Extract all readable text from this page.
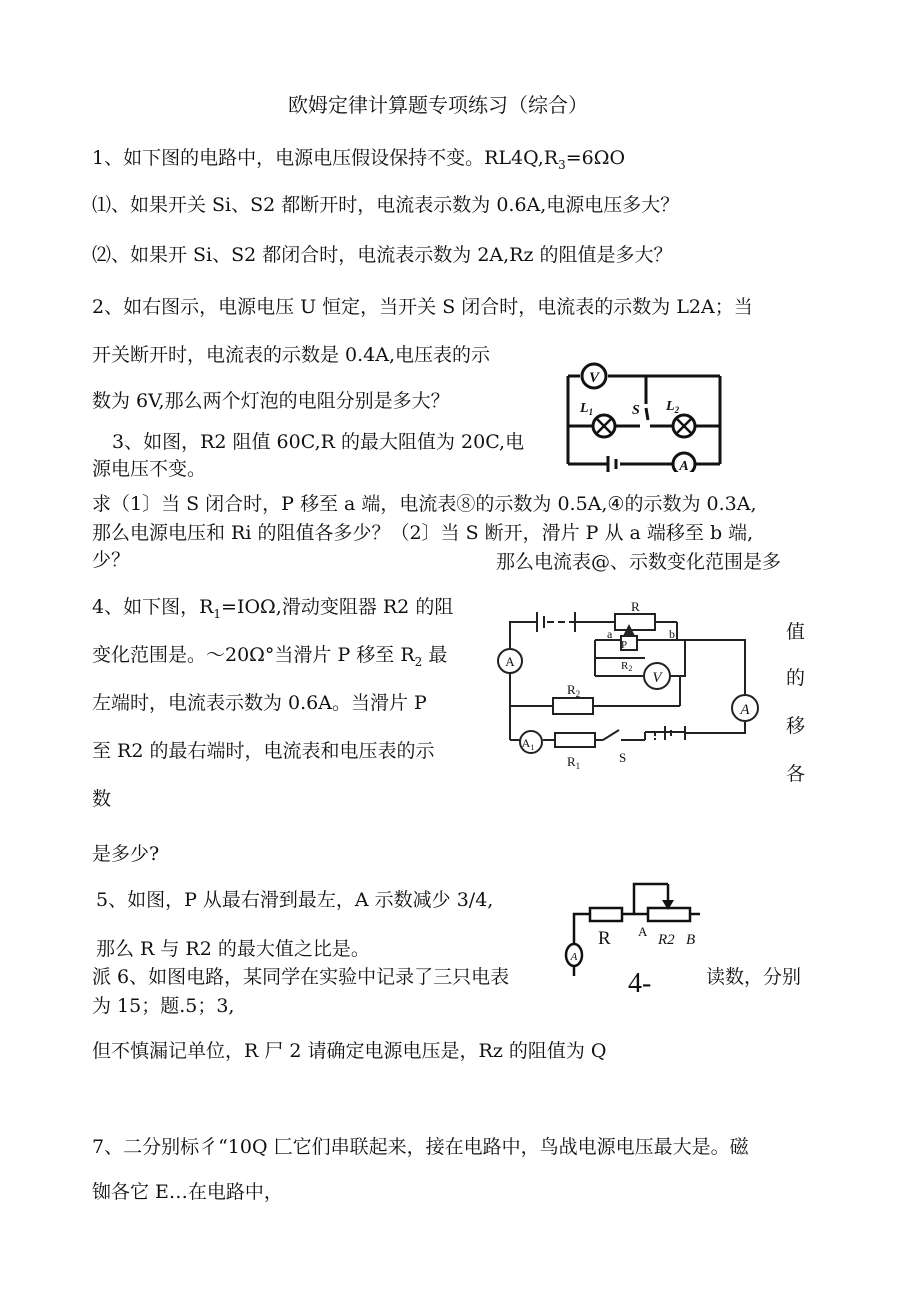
欧姆定律计算题专项练习（综合）
1、如下图的电路中，电源电压假设保持不变。$RL4Q,R_3=6\Omega O$
⑴、如果开关 Si、S2 都断开时，电流表示数为 0.6A,电源电压多大？
⑵、如果开 Si、S2 都闭合时，电流表示数为 2A,Rz 的阻值是多大？
2、如右图示，电源电压 U 恒定，当开关 S 闭合时，电流表的示数为 L2A；当
开关断开时，电流表的示数是 0.4A,电压表的示
数为 6V,那么两个灯泡的电阻分别是多大？
V
A
$L_1$	S $L_2$
3、如图，R2 阻值 60C,R 的最大阻值为 20C,电
源电压不变。
求（1〕当 S 闭合时，P 移至 a 端，电流表⑧的示数为 0.5A,④的示数为 0.3A,
那么电源电压和 Ri 的阻值各多少？（2〕当 S 断开，滑片 P 从 a 端移至 b 端,
那么电流表@、示数变化范围是多
少？
4、如下图，$R_1=IO\Omega$,滑动变阻器 R2 的阻
变化范围是。～20Ω°当滑片 P 移至 $R_2$ 最
左端时，电流表示数为 0.6A。当滑片 P
至 R2 的最右端时，电流表和电压表的示
数
是多少?
值
的
移
各
A
V
A
$A_1$
R
a	b
P
R2
$R_2$
$R_1$
S
5、如图，P 从最右滑到最左，A 示数减少 3/4,
那么 R 与 R2 的最大值之比是。	A
R A
R2 B
4-
派 6、如图电路，某同学在实验中记录了三只电表	读数，分别
为 15；题.5；3,
但不慎漏记单位，R 尸 2 请确定电源电压是，Rz 的阻值为 Q
7、二分别标彳“10Q 匚它们串联起来，接在电路中，鸟战电源电压最大是。磁
铷各它 E…在电路中，
